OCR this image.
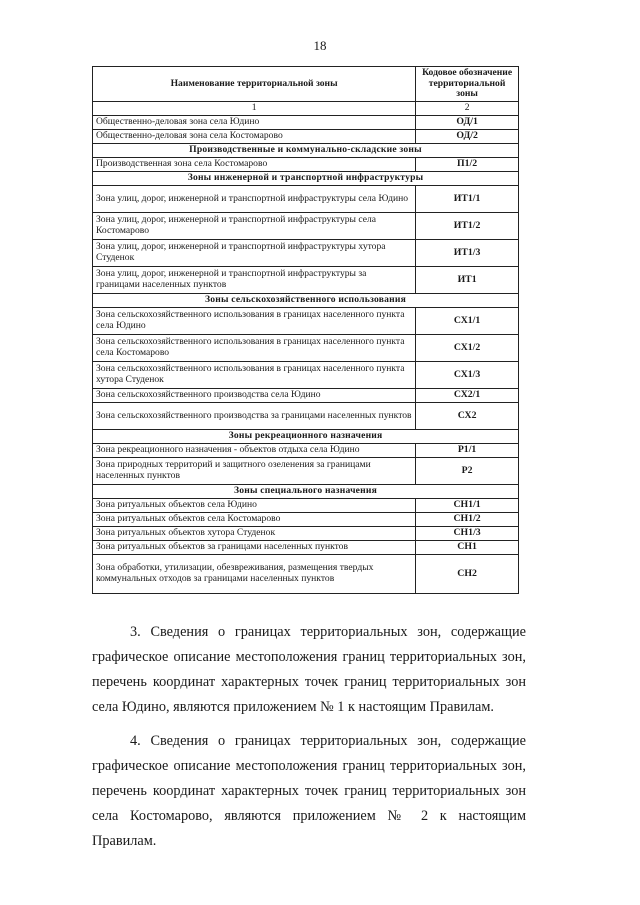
18
Наименование территориальной зоны	Кодовое обозначение территориальной зоны
1	2
Общественно-деловая зона села Юдино	ОД/1
Общественно-деловая зона села Костомарово	ОД/2
Производственные и коммунально-складские зоны	
Производственная зона села Костомарово	П1/2
Зоны инженерной и транспортной инфраструктуры	
Зона улиц, дорог, инженерной и транспортной инфраструктуры села Юдино	ИТ1/1
Зона улиц, дорог, инженерной и транспортной инфраструктуры села Костомарово	ИТ1/2
Зона улиц, дорог, инженерной и транспортной инфраструктуры хутора Студенок	ИТ1/3
Зона улиц, дорог, инженерной и транспортной инфраструктуры за границами населенных пунктов	ИТ1
Зоны сельскохозяйственного использования	
Зона сельскохозяйственного использования в границах населенного пункта села Юдино	СХ1/1
Зона сельскохозяйственного использования в границах населенного пункта села Костомарово	СХ1/2
Зона сельскохозяйственного использования в границах населенного пункта хутора Студенок	СХ1/3
Зона сельскохозяйственного производства села Юдино	СХ2/1
Зона сельскохозяйственного производства за границами населенных пунктов	СХ2
Зоны рекреационного назначения	
Зона рекреационного назначения - объектов отдыха села Юдино	Р1/1
Зона природных территорий и защитного озеленения за границами населенных пунктов	Р2
Зоны специального назначения	
Зона ритуальных объектов села Юдино	СН1/1
Зона ритуальных объектов села Костомарово	СН1/2
Зона ритуальных объектов хутора Студенок	СН1/3
Зона ритуальных объектов за границами населенных пунктов	СН1
Зона обработки, утилизации, обезвреживания, размещения твердых коммунальных отходов за границами населенных пунктов	СН2

3. Сведения о границах территориальных зон, содержащие графическое описание местоположения границ территориальных зон, перечень координат характерных точек границ территориальных зон села Юдино, являются приложением № 1 к настоящим Правилам.

4. Сведения о границах территориальных зон, содержащие графическое описание местоположения границ территориальных зон, перечень координат характерных точек границ территориальных зон села Костомарово, являются приложением № 2 к настоящим Правилам.
